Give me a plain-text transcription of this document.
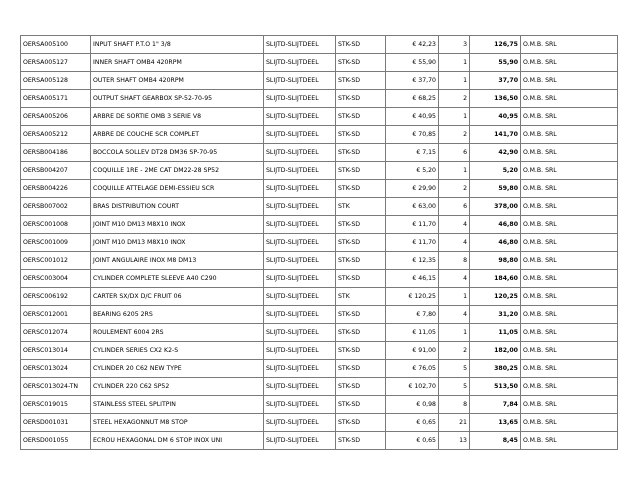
OERSA005100	INPUT SHAFT P.T.O 1" 3/8	SLIJTD-SLIJTDEEL	STK-SD	€ 42,23	3	126,75	O.M.B. SRL
OERSA005127	INNER SHAFT OMB4 420RPM	SLIJTD-SLIJTDEEL	STK-SD	€ 55,90	1	55,90	O.M.B. SRL
OERSA005128	OUTER SHAFT OMB4 420RPM	SLIJTD-SLIJTDEEL	STK-SD	€ 37,70	1	37,70	O.M.B. SRL
OERSA005171	OUTPUT SHAFT GEARBOX SP-52-70-95	SLIJTD-SLIJTDEEL	STK-SD	€ 68,25	2	136,50	O.M.B. SRL
OERSA005206	ARBRE DE SORTIE OMB 3 SERIE V8	SLIJTD-SLIJTDEEL	STK-SD	€ 40,95	1	40,95	O.M.B. SRL
OERSA005212	ARBRE DE COUCHE SCR COMPLET	SLIJTD-SLIJTDEEL	STK-SD	€ 70,85	2	141,70	O.M.B. SRL
OERSB004186	BOCCOLA SOLLEV DT28 DM36 SP-70-95	SLIJTD-SLIJTDEEL	STK-SD	€ 7,15	6	42,90	O.M.B. SRL
OERSB004207	COQUILLE 1RE - 2ME CAT DM22-28 SP52	SLIJTD-SLIJTDEEL	STK-SD	€ 5,20	1	5,20	O.M.B. SRL
OERSB004226	COQUILLE ATTELAGE DEMI-ESSIEU SCR	SLIJTD-SLIJTDEEL	STK-SD	€ 29,90	2	59,80	O.M.B. SRL
OERSB007002	BRAS DISTRIBUTION COURT	SLIJTD-SLIJTDEEL	STK	€ 63,00	6	378,00	O.M.B. SRL
OERSC001008	JOINT M10 DM13 M8X10 INOX	SLIJTD-SLIJTDEEL	STK-SD	€ 11,70	4	46,80	O.M.B. SRL
OERSC001009	JOINT M10 DM13 M8X10 INOX	SLIJTD-SLIJTDEEL	STK-SD	€ 11,70	4	46,80	O.M.B. SRL
OERSC001012	JOINT ANGULAIRE INOX M8 DM13	SLIJTD-SLIJTDEEL	STK-SD	€ 12,35	8	98,80	O.M.B. SRL
OERSC003004	CYLINDER COMPLETE SLEEVE A40 C290	SLIJTD-SLIJTDEEL	STK-SD	€ 46,15	4	184,60	O.M.B. SRL
OERSC006192	CARTER SX/DX D/C FRUIT 06	SLIJTD-SLIJTDEEL	STK	€ 120,25	1	120,25	O.M.B. SRL
OERSC012001	BEARING 6205 2RS	SLIJTD-SLIJTDEEL	STK-SD	€ 7,80	4	31,20	O.M.B. SRL
OERSC012074	ROULEMENT 6004 2RS	SLIJTD-SLIJTDEEL	STK-SD	€ 11,05	1	11,05	O.M.B. SRL
OERSC013014	CYLINDER SERIES CX2 K2-S	SLIJTD-SLIJTDEEL	STK-SD	€ 91,00	2	182,00	O.M.B. SRL
OERSC013024	CYLINDER 20 C62 NEW TYPE	SLIJTD-SLIJTDEEL	STK-SD	€ 76,05	5	380,25	O.M.B. SRL
OERSC013024-TN	CYLINDER 220 C62 SP52	SLIJTD-SLIJTDEEL	STK-SD	€ 102,70	5	513,50	O.M.B. SRL
OERSC019015	STAINLESS STEEL SPLITPIN	SLIJTD-SLIJTDEEL	STK-SD	€ 0,98	8	7,84	O.M.B. SRL
OERSD001031	STEEL HEXAGONNUT M8 STOP	SLIJTD-SLIJTDEEL	STK-SD	€ 0,65	21	13,65	O.M.B. SRL
OERSD001055	ECROU HEXAGONAL DM 6 STOP INOX UNI	SLIJTD-SLIJTDEEL	STK-SD	€ 0,65	13	8,45	O.M.B. SRL
